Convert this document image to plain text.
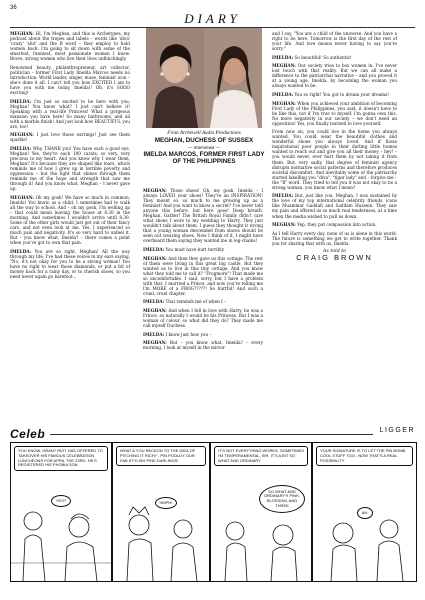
36
DIARY

MEGHAN: Hi, I'm Meghan, and this is Archetypes, my podcast about the tropes and labels – words like 'diva' 'crazy' 'slut' and the B word – they employ to hold women back. I'm going to sit down with some of the smartest, funniest, most passionate women I know. Brave, strong women who live their lives unflinchingly.

Renowned beauty, philanthropreneur, art collector, politician – former First Lady Imelda Marcos needs no introduction. World leader, singer, muse, feminist icon – she's done it all. I can't tell you how EXCITED I am to have you with me today, Imelda!! Oh, it's SOOO exciting!

IMELDA: I'm just so excited to be here with you, Meghan! You know what? I just can't believe it! Speaking with a real-life Princess! What a gorgeous mansion you have here! So many bathrooms, and all with a marble finish! And just look how BEAUTIFUL you are, too!

MEGHAN: I just love those earrings! Just see them sparkle!

IMELDA: Why, THANK you! You have such a good eye, Meghan! Yes, they're each 100 carats, so very, very precious to my heart. And you know why I wear them, Meghan? It's because they are shaped like tears, which reminds me of how I grew up in terrible poverty and oppression – but the light that shines through them reminds me of the hope and strength that saw me through it! And you know what, Meghan – I never gave up.

MEGHAN: Oh my gosh! We have so much in common, Imelda! You know, as a child, I sometimes had to walk all the way to school. And – oh my gosh, I'm welling up – that could mean leaving the house at 8.20 in the morning. And sometimes I wouldn't arrive until 8.30. Some of the other girls would just get out of their fancy cars, and not even look at me. Yes, I experienced so much pain and negativity. It's so very hard to unfeel it. But – you know what, Imelda? – there comes a point when you've got to own that pain.

IMELDA: You are so right, Meghan! All the way through my life, I've had these voices in my ears saying, "No, it's not okay for you to be a strong woman! You have no right to wear those diamonds, or put a bit of money back for a rainy day, or to cherish shoes, so you need never again go barefoot...

From Archewell Audio Productions
MEGHAN, DUCHESS OF SUSSEX
— Interviews —
IMELDA MARCOS, FORMER FIRST LADY OF THE PHILIPPINES

MEGHAN: Those shoes! Oh, my gosh, Imelda – I always LOVED your shoes! They're an INSPIRATION! They meant so, so much to me growing up as a feminist! And you want to know a secret? I've never told anyone this before, but here goes! Deep breath, Meghan. Gather! The British Royal Family didn't care what shoes I wore to my wedding to Harry. They just wouldn't talk about them. I guess they thought it wrong that a young woman descended from slaves should be seen out wearing shoes. Now I think of it, I might have overheard them saying they wanted me in leg-chains!

IMELDA: You must have hurt terribly.

MEGHAN: And then they gave us this cottage. The rest of them were living in this great big castle. But they wanted us to live in this tiny cottage. And you know what they told me to call it? "Frogmore"! That made me so uncomfortable. I said, sorry, but I have a problem with that. I married a Prince, and now you're telling me I'm MORE of a FROG?????! So hurtful! And such a cruel, cruel chapter.

IMELDA: That reminds me of when I –

MEGHAN: And when I fell in love with Harry, he was a Prince, so naturally I would be his Princess. But I was a woman of colour, so what did they do? They made me call myself Duchess.

IMELDA: I know just how you –

MEGHAN: But – you know what, Imelda? – every morning, I look at myself in the mirror

and I say, "You are a child of the universe. And you have a right to be here. Tomorrow is the first day of the rest of your life. And love means never having to say you're sorry."

IMELDA: So beautiful! So authentic!

MEGHAN: Our society tries to box women in. I've never lost touch with that reality. But we can all make a difference to the patriarchal narrative – and you proved it at a young age, Imelda, by becoming the woman you always wanted to be.

IMELDA: You so right! You got to dream your dreams!

MEGHAN: When you achieved your ambition of becoming First Lady of the Philippines, you said, it doesn't have to be like this, not if I'm true to myself. I'm gonna own this. No more negativity in our society – we don't need an opposition! Yes, you finally learned to love yourself.

From now on, you could live in the home you always wanted. You could wear the beautiful clothes and wonderful shoes you always loved. And if those inspirational poor people in their darling little homes wanted to reach out and give you all their money – hey! – you would never, ever hurt them by not taking it from them. But, very sadly, that degree of feminist agency disrupts normative social patterns and therefore produces societal discomfort. And inevitably some of the patriarchy started labelling you "diva", "tiger lady" and – forgive me – the "B" word. They tried to tell you it was not okay to be a strong woman, you know what I mean?

IMELDA: But, just like you, Meghan, I was sustained by the love of my top international celebrity friends, icons like Muammar Gaddafi and Saddam Hussein. They saw my pain and offered us so much real tenderness, at a time when the media wished to pull us down.

MEGHAN: Yep, they put compassion into action.

As I tell Harry every day, none of us is alone in this world. The future is something we get to write together. Thank you for sharing that with us, Imelda.

As told to
CRAIG BROWN
Celeb	LIGGER
YOU KNOW, GRAN? RIOT HAS OFFERED TO TAKEOVER HIS FAMOUS CELEBRATION LUNCHEONS FOR APRIL THE 23RD- HE'S REGISTERED HIS PHOBIA SON
YES?
WHAT A YOU RECKON TO THE IDEA OF PITCHING IT RICH? - PIN POOLDY OUR FAB STYLISH PINK DARLINGS!
HMPH!
IT'S NOT EVERYTHING WORKS. SOMETIMES I'M TEMPERAMENTAL, SIR, IT'S A BIT SO WHAT AND ORDINARY
SO WHAT AND ORDINARY?! PINK, BLOSSOM, AND THREE
YOUR SIGNATURE IS TO LET THE PIN BOMB COOL STUFF TOO.. NOW THAT'S A REAL POSSIBILITY
AH.
